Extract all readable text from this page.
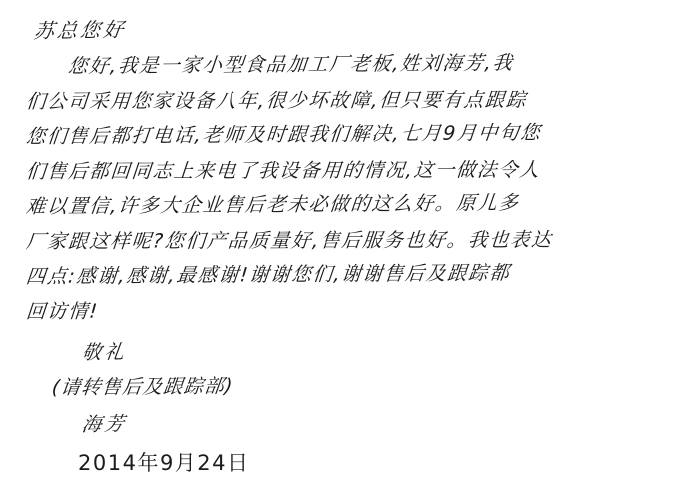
苏总您好
您好,我是一家小型食品加工厂老板,姓刘海芳,我
们公司采用您家设备八年,很少坏故障,但只要有点跟踪
您们售后都打电话,老师及时跟我们解决,七月9月中旬您
们售后都回同志上来电了我设备用的情况,这一做法令人
难以置信,许多大企业售后老未必做的这么好。原儿多
厂家跟这样呢?您们产品质量好,售后服务也好。我也表达
四点:感谢,感谢,最感谢!谢谢您们,谢谢售后及跟踪都
回访情!
敬礼
(请转售后及跟踪部)
海芳
2014年9月24日
